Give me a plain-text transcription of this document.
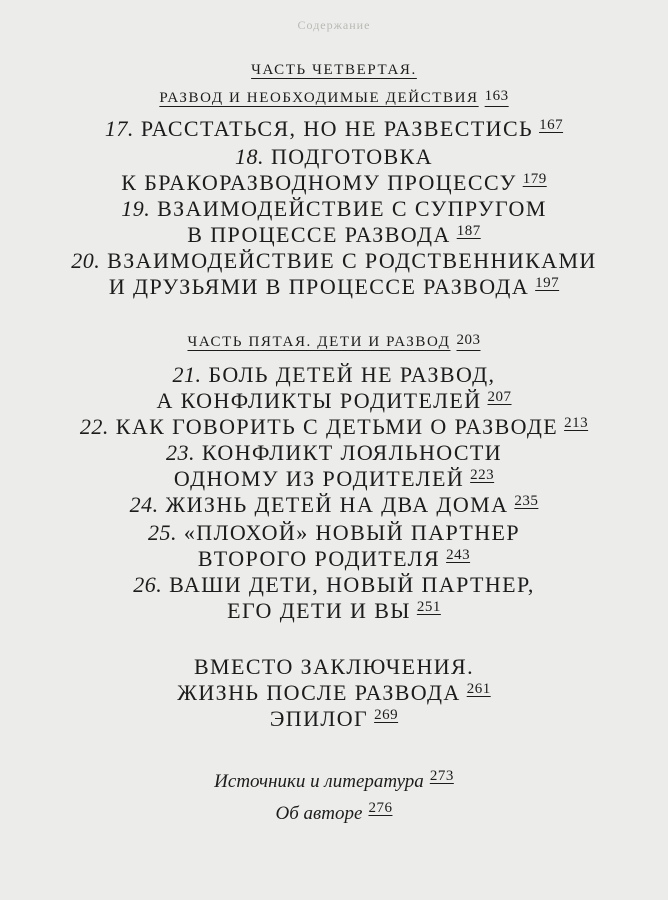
Содержание
ЧАСТЬ ЧЕТВЕРТАЯ.
РАЗВОД И НЕОБХОДИМЫЕ ДЕЙСТВИЯ 163
17. РАССТАТЬСЯ, НО НЕ РАЗВЕСТИСЬ $^{167}$
18. ПОДГОТОВКА
К БРАКОРАЗВОДНОМУ ПРОЦЕССУ $^{179}$
19. ВЗАИМОДЕЙСТВИЕ С СУПРУГОМ
В ПРОЦЕССЕ РАЗВОДА $^{187}$
20. ВЗАИМОДЕЙСТВИЕ С РОДСТВЕННИКАМИ
И ДРУЗЬЯМИ В ПРОЦЕССЕ РАЗВОДА $^{197}$
ЧАСТЬ ПЯТАЯ. ДЕТИ И РАЗВОД 203
21. БОЛЬ ДЕТЕЙ НЕ РАЗВОД,
А КОНФЛИКТЫ РОДИТЕЛЕЙ $^{207}$
22. КАК ГОВОРИТЬ С ДЕТЬМИ О РАЗВОДЕ $^{213}$
23. КОНФЛИКТ ЛОЯЛЬНОСТИ
ОДНОМУ ИЗ РОДИТЕЛЕЙ $^{223}$
24. ЖИЗНЬ ДЕТЕЙ НА ДВА ДОМА $^{235}$
25. «ПЛОХОЙ» НОВЫЙ ПАРТНЕР
ВТОРОГО РОДИТЕЛЯ $^{243}$
26. ВАШИ ДЕТИ, НОВЫЙ ПАРТНЕР,
ЕГО ДЕТИ И ВЫ $^{251}$
ВМЕСТО ЗАКЛЮЧЕНИЯ.
ЖИЗНЬ ПОСЛЕ РАЗВОДА $^{261}$
ЭПИЛОГ $^{269}$
Источники и литература $^{273}$
Об авторе $^{276}$
